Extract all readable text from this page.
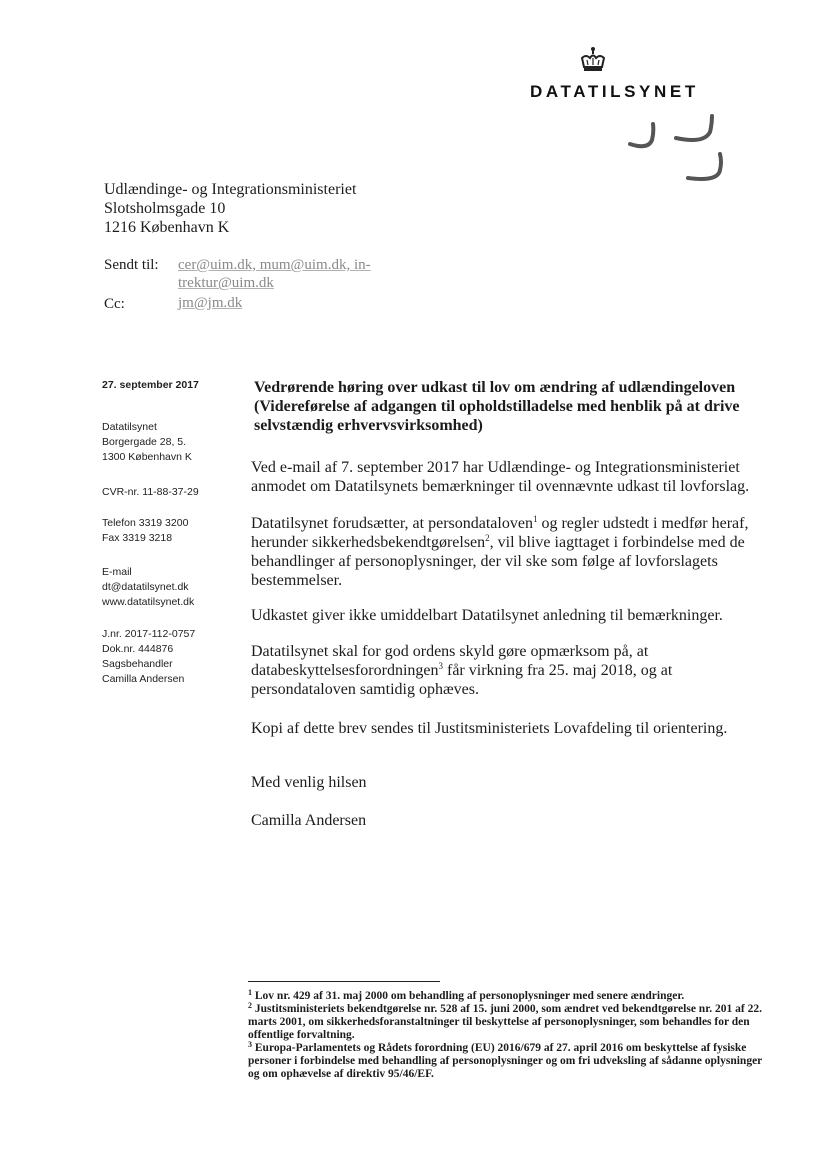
DATATILSYNET
Udlændinge- og Integrationsministeriet
Slotsholmsgade 10
1216 København K
Sendt til: cer@uim.dk, mum@uim.dk, in-
trektur@uim.dk
Cc:	jm@jm.dk
27. september 2017
Datatilsynet
Borgergade 28, 5.
1300 København K
CVR-nr. 11-88-37-29
Telefon 3319 3200
Fax 3319 3218
E-mail
dt@datatilsynet.dk
www.datatilsynet.dk
J.nr. 2017-112-0757
Dok.nr. 444876
Sagsbehandler
Camilla Andersen
Vedrørende høring over udkast til lov om ændring af udlændingeloven (Videreførelse af adgangen til opholdstilladelse med henblik på at drive selvstændig erhvervsvirksomhed)
Ved e-mail af 7. september 2017 har Udlændinge- og Integrationsministeriet anmodet om Datatilsynets bemærkninger til ovennævnte udkast til lovforslag.
Datatilsynet forudsætter, at persondataloven$^1$ og regler udstedt i medfør heraf, herunder sikkerhedsbekendtgørelsen$^2$, vil blive iagttaget i forbindelse med de behandlinger af personoplysninger, der vil ske som følge af lovforslagets bestemmelser.
Udkastet giver ikke umiddelbart Datatilsynet anledning til bemærkninger.
Datatilsynet skal for god ordens skyld gøre opmærksom på, at databeskyttelsesforordningen$^3$ får virkning fra 25. maj 2018, og at persondataloven samtidig ophæves.
Kopi af dette brev sendes til Justitsministeriets Lovafdeling til orientering.
Med venlig hilsen
Camilla Andersen

$^1$ Lov nr. 429 af 31. maj 2000 om behandling af personoplysninger med senere ændringer.

$^2$ Justitsministeriets bekendtgørelse nr. 528 af 15. juni 2000, som ændret ved bekendtgørelse nr. 201 af 22. marts 2001, om sikkerhedsforanstaltninger til beskyttelse af personoplysninger, som behandles for den offentlige forvaltning.

$^3$ Europa-Parlamentets og Rådets forordning (EU) 2016/679 af 27. april 2016 om beskyttelse af fysiske personer i forbindelse med behandling af personoplysninger og om fri udveksling af sådanne oplysninger og om ophævelse af direktiv 95/46/EF.
